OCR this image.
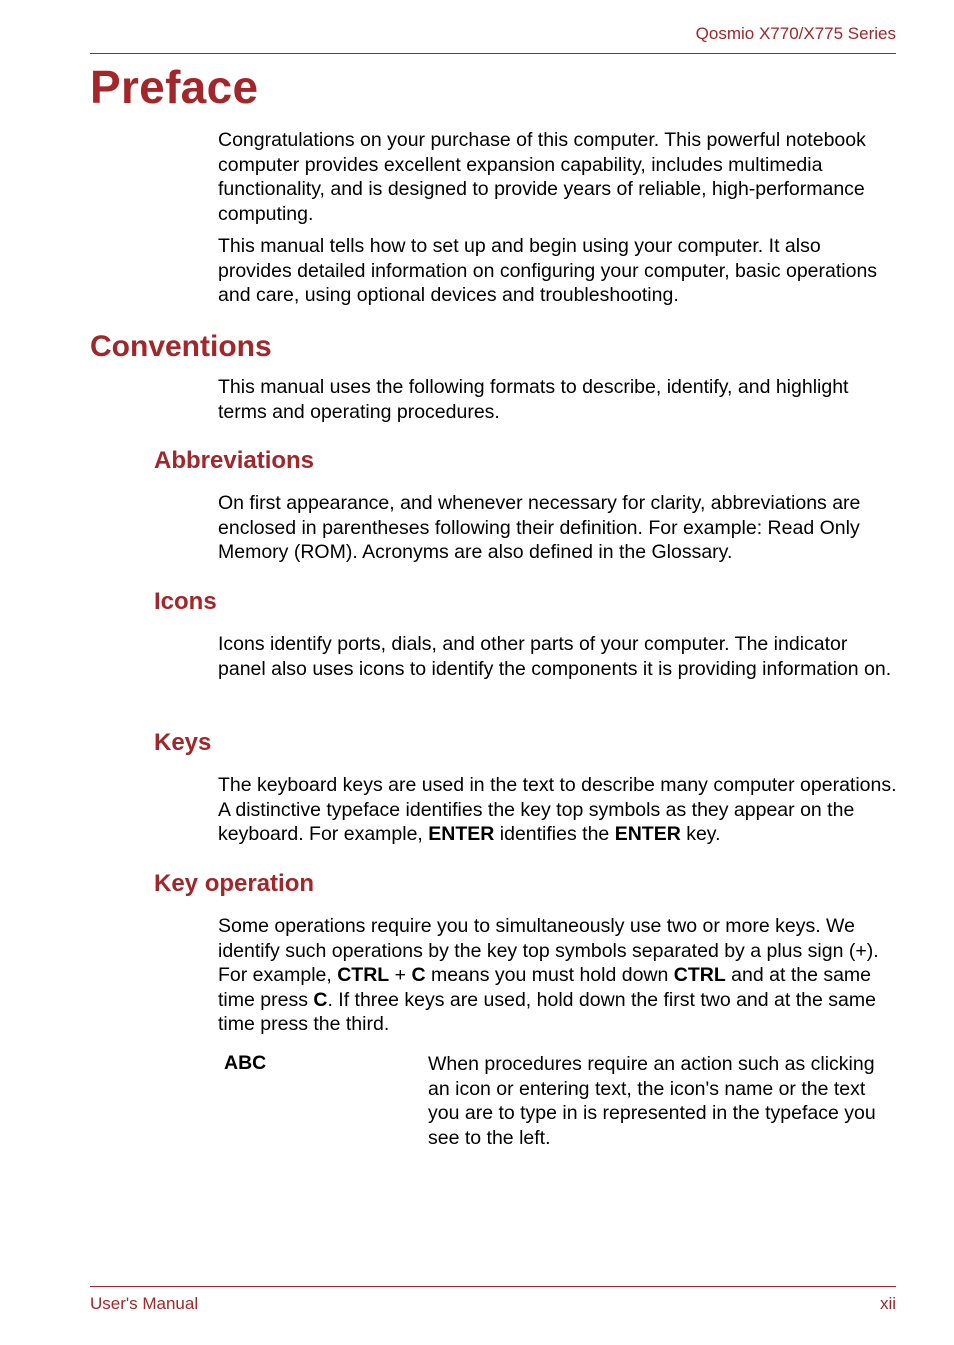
Qosmio X770/X775 Series
Preface

Congratulations on your purchase of this computer. This powerful notebook computer provides excellent expansion capability, includes multimedia functionality, and is designed to provide years of reliable, high-performance computing.

This manual tells how to set up and begin using your computer. It also provides detailed information on configuring your computer, basic operations and care, using optional devices and troubleshooting.

Conventions

This manual uses the following formats to describe, identify, and highlight terms and operating procedures.

Abbreviations

On first appearance, and whenever necessary for clarity, abbreviations are enclosed in parentheses following their definition. For example: Read Only Memory (ROM). Acronyms are also defined in the Glossary.

Icons

Icons identify ports, dials, and other parts of your computer. The indicator panel also uses icons to identify the components it is providing information on.

Keys

The keyboard keys are used in the text to describe many computer operations. A distinctive typeface identifies the key top symbols as they appear on the keyboard. For example, ENTER identifies the ENTER key.

Key operation

Some operations require you to simultaneously use two or more keys. We identify such operations by the key top symbols separated by a plus sign (+). For example, CTRL + C means you must hold down CTRL and at the same time press C. If three keys are used, hold down the first two and at the same time press the third.

ABC	When procedures require an action such as clicking an icon or entering text, the icon's name or the text you are to type in is represented in the typeface you see to the left.

User's Manual	xii
